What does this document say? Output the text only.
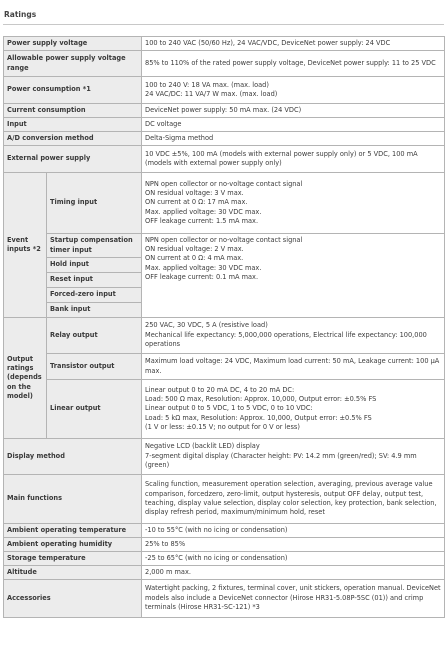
Ratings
Power supply voltage		100 to 240 VAC (50/60 Hz), 24 VAC/VDC, DeviceNet power supply: 24 VDC

Allowable power supply voltage range		85% to 110% of the rated power supply voltage, DeviceNet power supply: 11 to 25 VDC

Power consumption *1		100 to 240 V: 18 VA max. (max. load)
24 VAC/DC: 11 VA/7 W max. (max. load)

Current consumption		DeviceNet power supply: 50 mA max. (24 VDC)

Input		DC voltage

A/D conversion method		Delta-Sigma method

External power supply		10 VDC ±5%, 100 mA (models with external power supply only) or 5 VDC, 100 mA (models with external power supply only)

Event inputs *2	Timing input	NPN open collector or no-voltage contact signal
ON residual voltage: 3 V max.
ON current at 0 Ω: 17 mA max.
Max. applied voltage: 30 VDC max.
OFF leakage current: 1.5 mA max.

	Startup compensation timer input	NPN open collector or no-voltage contact signal
ON residual voltage: 2 V max.
ON current at 0 Ω: 4 mA max.
Max. applied voltage: 30 VDC max.
OFF leakage current: 0.1 mA max.

	Hold input	
	Reset input	
	Forced-zero input	
	Bank input	
Output ratings (depends on the model)	Relay output	250 VAC, 30 VDC, 5 A (resistive load)
Mechanical life expectancy: 5,000,000 operations, Electrical life expectancy: 100,000 operations

	Transistor output	Maximum load voltage: 24 VDC, Maximum load current: 50 mA, Leakage current: 100 μA max.

	Linear output	Linear output 0 to 20 mA DC, 4 to 20 mA DC:
Load: 500 Ω max, Resolution: Approx. 10,000, Output error: ±0.5% FS
Linear output 0 to 5 VDC, 1 to 5 VDC, 0 to 10 VDC:
Load: 5 kΩ max, Resolution: Approx. 10,000, Output error: ±0.5% FS
(1 V or less: ±0.15 V; no output for 0 V or less)

Display method		Negative LCD (backlit LED) display
7-segment digital display (Character height: PV: 14.2 mm (green/red); SV: 4.9 mm (green)

Main functions		Scaling function, measurement operation selection, averaging, previous average value comparison, forcedzero, zero-limit, output hysteresis, output OFF delay, output test, teaching, display value selection, display color selection, key protection, bank selection, display refresh period, maximum/minimum hold, reset

Ambient operating temperature		-10 to 55°C (with no icing or condensation)

Ambient operating humidity		25% to 85%

Storage temperature		-25 to 65°C (with no icing or condensation)

Altitude		2,000 m max.

Accessories		Watertight packing, 2 fixtures, terminal cover, unit stickers, operation manual. DeviceNet models also include a DeviceNet connector (Hirose HR31-5.08P-5SC (01)) and crimp terminals (Hirose HR31-SC-121) *3
